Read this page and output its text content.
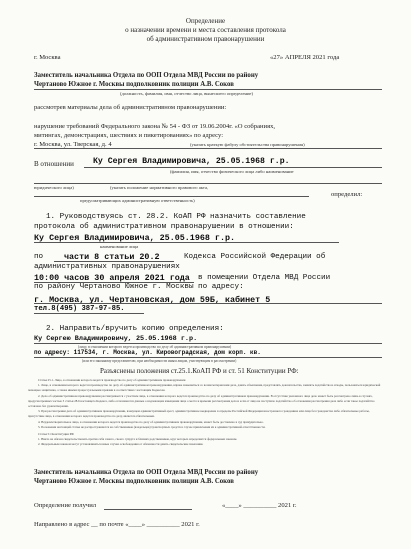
Определение
о назначении времени и места составления протокола
об административном правонарушении
г. Москва	«27» АПРЕЛЯ 2021 года
Заместитель начальника Отдела по ООП Отдела МВД России по району
Чертаново Южное г. Москвы подполковник полиции А.В. Соков
(должность, фамилия, имя, отчество лица, вынесшего определение)
рассмотрев материалы дела об административном правонарушении:
нарушение требований Федерального закона № 54 - ФЗ от 19.06.2004г. «О собраниях,
митингах, демонстрациях, шествиях и пикетированиях» по адресу:
г. Москва, ул. Тверская, д. 4	(указать краткую фабулу обстоятельства правонарушения)
В отношении Ку Сергея Владимировича, 25.05.1968 г.р.
(фамилия, имя, отчество физического лица либо наименование
юридического лица)	(указать положение нормативного правового акта,
определил:
предусматривающих административную ответственность)
1. Руководствуясь ст. 28.2. КоАП РФ назначить составление
протокола об административном правонарушении в отношении:
Ку Сергея Владимировича, 25.05.1968 г.р.
наименование лица
по части 8 статьи 20.2	Кодекса Российской Федерации об
административных правонарушениях
10:00 часов 30 апреля 2021 года в помещении Отдела МВД России
по району Чертаново Южное г. Москвы по адресу:
г. Москва, ул. Чертановская, дом 59Б, кабинет 5
тел.8(495) 387-97-85.
2. Направить/вручить копию определения:
Ку Сергею Владимировичу, 25.05.1968 г.р.
(лицу, в отношении которого ведется производство по делу об административном правонарушении)
по адресу: 117534, г. Москва, ул. Кировоградская, дом корп. кв.
(или его законному представителю, при необходимости иным лицам, участвующим в рассмотрении)
Разъяснены положения ст.25.1.КоАП РФ и ст. 51 Конституции РФ:
Статья 25.1. Лицо, в отношении которого ведется производство по делу об административном правонарушении
1. Лицо, в отношении которого ведется производство по делу об административном правонарушении, вправе знакомиться со всеми материалами дела, давать объяснения, представлять доказательства, заявлять ходатайства и отводы, пользоваться юридической помощью защитника, а также иными процессуальными правами в соответствии с настоящим Кодексом.
2. Дело об административном правонарушении рассматривается с участием лица, в отношении которого ведется производство по делу об административном правонарушении. В отсутствие указанного лица дело может быть рассмотрено лишь в случаях, предусмотренных частью 3 статьи 28.6 настоящего Кодекса, либо если имеются данные о надлежащем извещении лица о месте и времени рассмотрения дела и если от лица не поступило ходатайство об отложении рассмотрения дела либо если такое ходатайство оставлено без удовлетворения.
3. При рассмотрении дела об административном правонарушении, влекущем административный арест, административное выдворение за пределы Российской Федерации иностранного гражданина или лица без гражданства либо обязательные работы, присутствие лица, в отношении которого ведется производство по делу, является обязательным.
4. Неудовлетворительное лицо, в отношении которого ведется производство по делу об административном правонарушении, может быть доставлено в суд принудительно.
5. Положения настоящей статьи не распространяются на собственников (владельцев) транспортных средств в случае привлечения их к административной ответственности.
Статья 51 Конституции РФ
1. Никто не обязан свидетельствовать против себя самого, своего супруга и близких родственников, круг которых определяется федеральным законом.
2. Федеральным законом могут устанавливаться иные случаи освобождения от обязанности давать свидетельские показания.
Заместитель начальника Отдела по ООП Отдела МВД России по району
Чертаново Южное г. Москвы подполковник полиции А.В. Соков
Определение получил	«____» __________ 2021 г.
Направлено в адрес __ по почте «____» __________ 2021 г.
